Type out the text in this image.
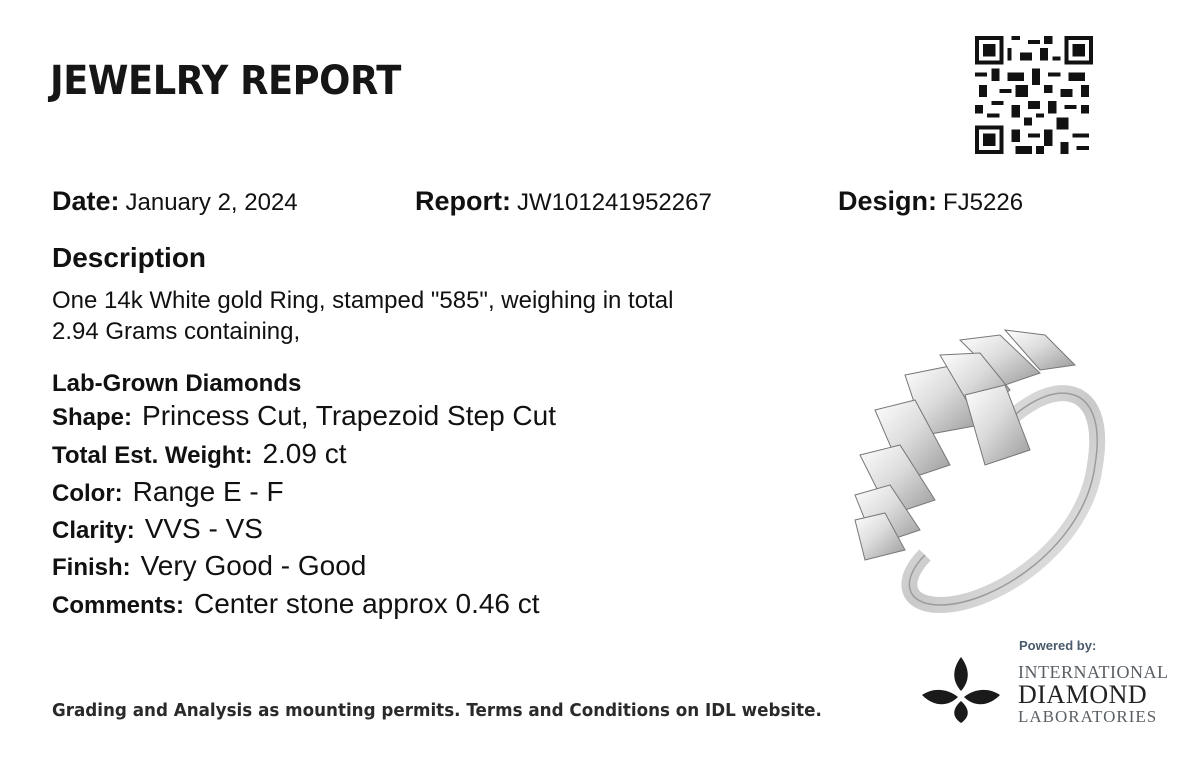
JEWELRY REPORT
Date: January 2, 2024	Report: JW101241952267	Design: FJ5226
Description
One 14k White gold Ring, stamped "585", weighing in total
2.94 Grams containing,
Lab-Grown Diamonds
Shape: Princess Cut, Trapezoid Step Cut
Total Est. Weight: 2.09 ct
Color: Range E - F
Clarity: VVS - VS
Finish: Very Good - Good
Comments: Center stone approx 0.46 ct
Grading and Analysis as mounting permits. Terms and Conditions on IDL website.
Powered by:
INTERNATIONAL
DIAMOND
LABORATORIES
